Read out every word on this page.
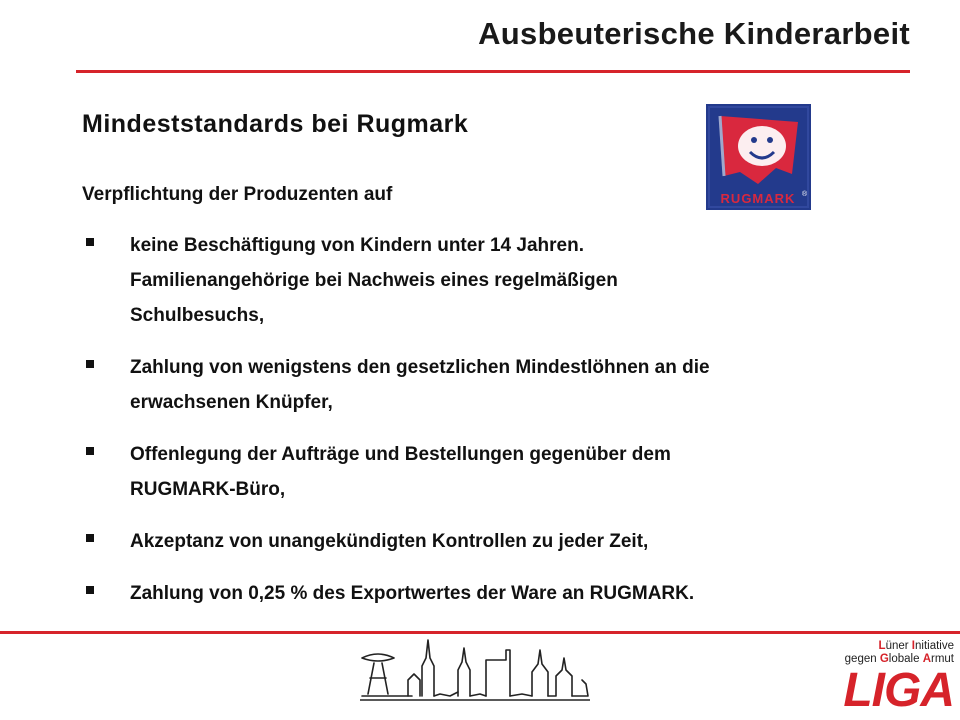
Ausbeuterische Kinderarbeit
Mindeststandards bei Rugmark
RUGMARK ®

Verpflichtung der Produzenten auf

keine Beschäftigung von Kindern unter 14 Jahren.
Familienangehörige bei Nachweis eines regelmäßigen
Schulbesuchs,
Zahlung von wenigstens den gesetzlichen Mindestlöhnen an die
erwachsenen Knüpfer,
Offenlegung der Aufträge und Bestellungen gegenüber dem
RUGMARK-Büro,
Akzeptanz von unangekündigten Kontrollen zu jeder Zeit,
Zahlung von 0,25 % des Exportwertes der Ware an RUGMARK.
Lüner Initiative
gegen Globale Armut
LIGA
